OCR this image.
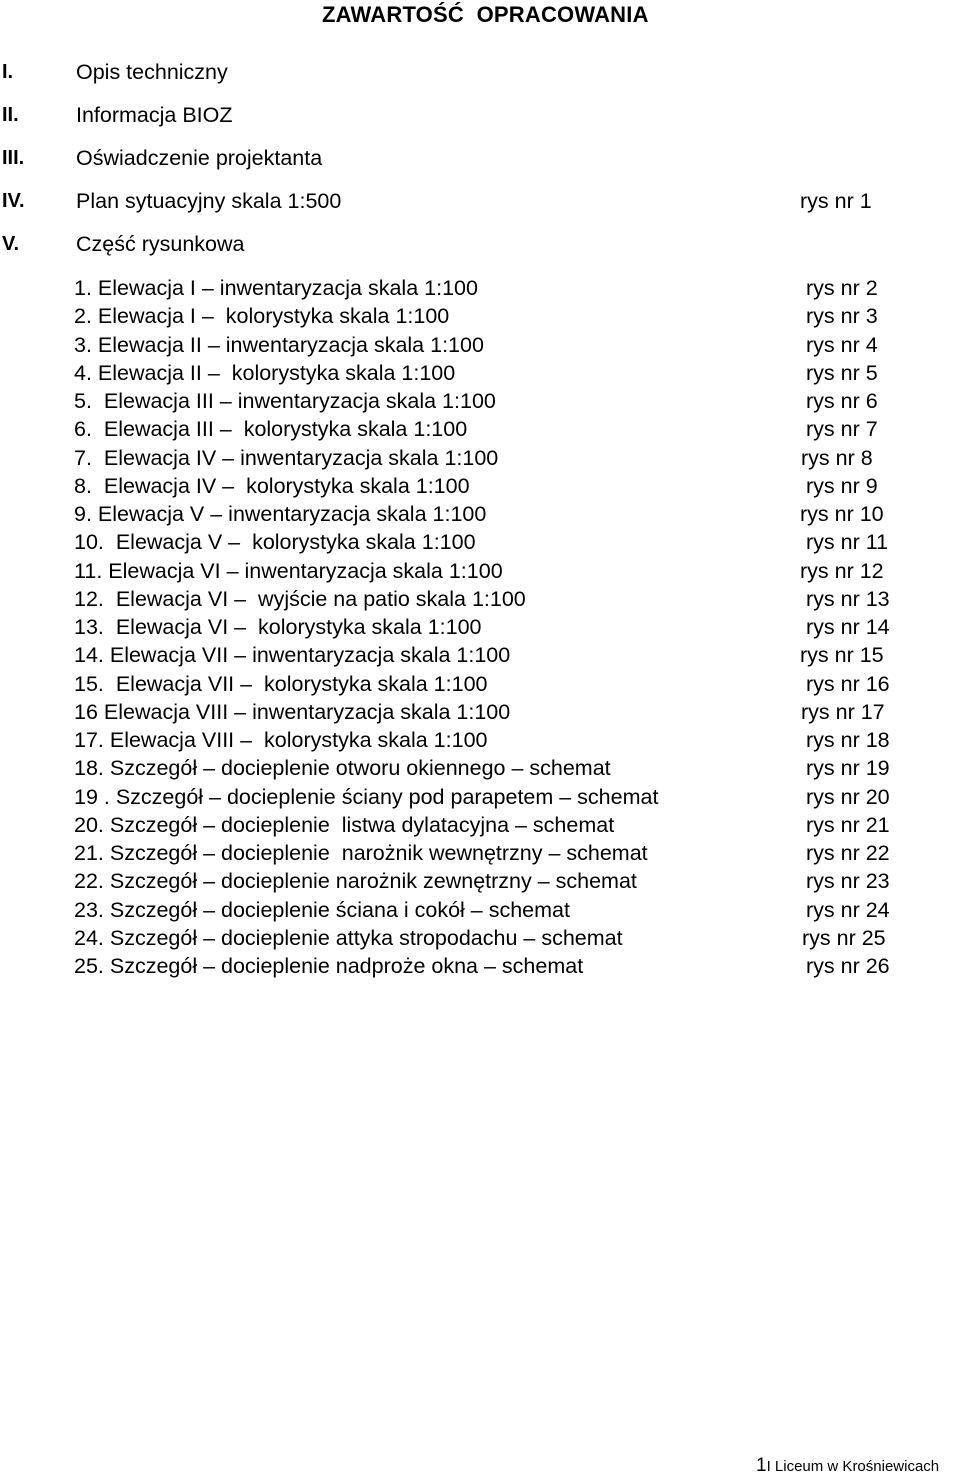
ZAWARTOŚĆ  OPRACOWANIA
I.	Opis techniczny
II.	Informacja BIOZ
III. Oświadczenie projektanta
IV. Plan sytuacyjny skala 1:500	rys nr 1
V.	Część rysunkowa
1. Elewacja I – inwentaryzacja skala 1:100	rys nr 2
2. Elewacja I –  kolorystyka skala 1:100	rys nr 3
3. Elewacja II – inwentaryzacja skala 1:100	rys nr 4
4. Elewacja II –  kolorystyka skala 1:100	rys nr 5
5.  Elewacja III – inwentaryzacja skala 1:100	rys nr 6
6.  Elewacja III –  kolorystyka skala 1:100	rys nr 7
7.  Elewacja IV – inwentaryzacja skala 1:100	rys nr 8
8.  Elewacja IV –  kolorystyka skala 1:100	rys nr 9
9. Elewacja V – inwentaryzacja skala 1:100	rys nr 10
10.  Elewacja V –  kolorystyka skala 1:100	rys nr 11
11. Elewacja VI – inwentaryzacja skala 1:100	rys nr 12
12.  Elewacja VI –  wyjście na patio skala 1:100	rys nr 13
13.  Elewacja VI –  kolorystyka skala 1:100	rys nr 14
14. Elewacja VII – inwentaryzacja skala 1:100	rys nr 15
15.  Elewacja VII –  kolorystyka skala 1:100	rys nr 16
16 Elewacja VIII – inwentaryzacja skala 1:100	rys nr 17
17. Elewacja VIII –  kolorystyka skala 1:100	rys nr 18
18. Szczegół – docieplenie otworu okiennego – schemat	rys nr 19
19 . Szczegół – docieplenie ściany pod parapetem – schemat	rys nr 20
20. Szczegół – docieplenie  listwa dylatacyjna – schemat	rys nr 21
21. Szczegół – docieplenie  narożnik wewnętrzny – schemat	rys nr 22
22. Szczegół – docieplenie narożnik zewnętrzny – schemat	rys nr 23
23. Szczegół – docieplenie ściana i cokół – schemat	rys nr 24
24. Szczegół – docieplenie attyka stropodachu – schemat	rys nr 25
25. Szczegół – docieplenie nadproże okna – schemat	rys nr 26
1I Liceum w Krośniewicach
